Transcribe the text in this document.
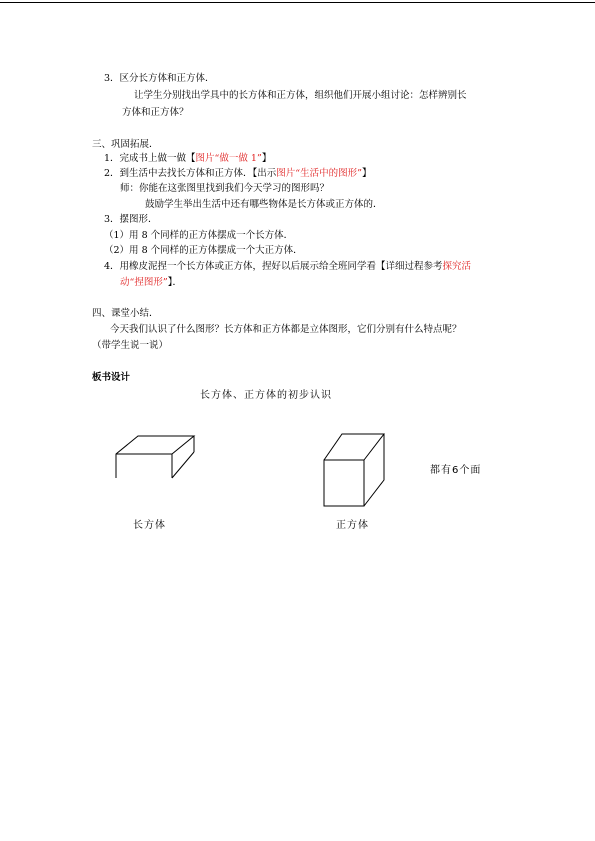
3．区分长方体和正方体．
让学生分别找出学具中的长方体和正方体，组织他们开展小组讨论：怎样辨别长
方体和正方体？
三、巩固拓展．
1．完成书上做一做【图片“做一做 1”】
2．到生活中去找长方体和正方体．【出示图片“生活中的图形”】
师：你能在这张图里找到我们今天学习的图形吗？
鼓励学生举出生活中还有哪些物体是长方体或正方体的．
3．摆图形．
（1）用 8 个同样的正方体摆成一个长方体．
（2）用 8 个同样的正方体摆成一个大正方体．
4．用橡皮泥捏一个长方体或正方体，捏好以后展示给全班同学看【详细过程参考探究活
动“捏图形”】．
四、课堂小结．
今天我们认识了什么图形？长方体和正方体都是立体图形，它们分别有什么特点呢？
（带学生说一说）
板书设计
长方体、正方体的初步认识
长方体	正方体
都有6个面
